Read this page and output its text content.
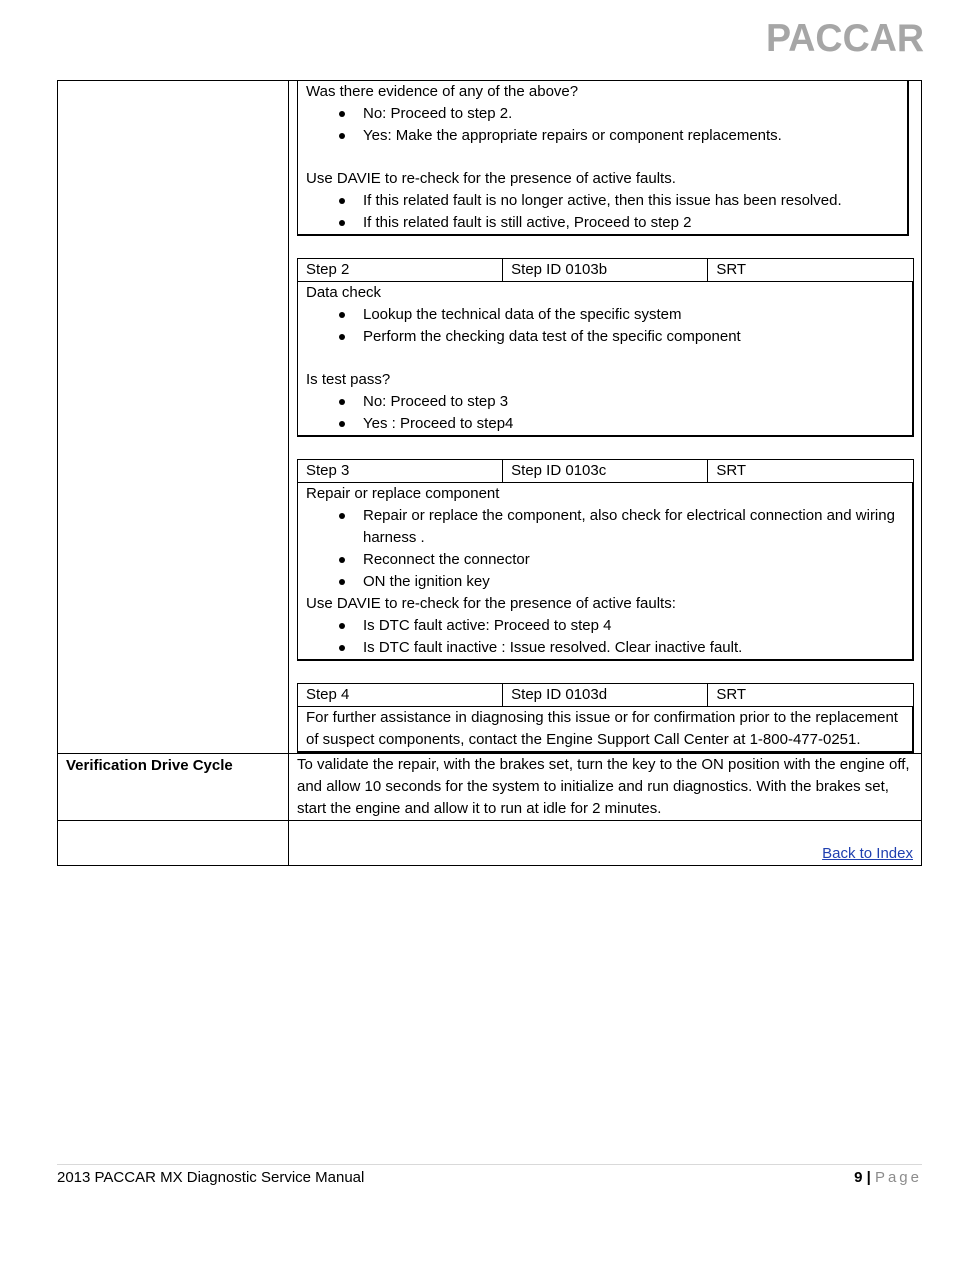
PACCAR

Was there evidence of any of the above?
No: Proceed to step 2.
Yes: Make the appropriate repairs or component replacements.
Use DAVIE to re-check for the presence of active faults.
If this related fault is no longer active, then this issue has been resolved.
If this related fault is still active, Proceed to step 2
Step 2	Step ID 0103b	SRT

Data check
Lookup the technical data of the specific system
Perform the checking data test of the specific component
Is test pass?
No: Proceed to step 3
Yes : Proceed to step4
Step 3	Step ID 0103c	SRT

Repair or replace component
Repair or replace the component, also check for electrical connection and wiring harness .
Reconnect the connector
ON the ignition key
Use DAVIE to re-check for the presence of active faults:
Is DTC fault active: Proceed to step 4
Is DTC fault inactive : Issue resolved. Clear inactive fault.
Step 4	Step ID 0103d	SRT

For further assistance in diagnosing this issue or for confirmation prior to the replacement of suspect components, contact the Engine Support Call Center at 1-800-477-0251.

Verification Drive Cycle	To validate the repair, with the brakes set, turn the key to the ON position with the engine off, and allow 10 seconds for the system to initialize and run diagnostics. With the brakes set, start the engine and allow it to run at idle for 2 minutes.

Back to Index
2013 PACCAR MX Diagnostic Service Manual	9 | Page
